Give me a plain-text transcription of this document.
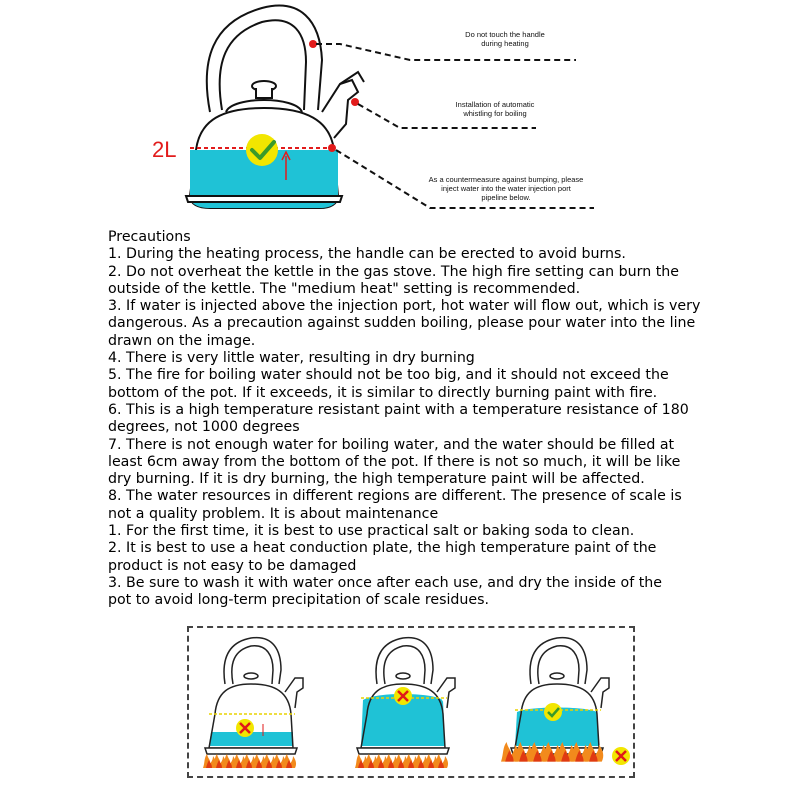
2L
Do not touch the handle
during heating
Installation of automatic
whistling for boiling
As a countermeasure against bumping, please
inject water into the water injection port
pipeline below.
Precautions
1. During the heating process, the handle can be erected to avoid burns.
2. Do not overheat the kettle in the gas stove. The high fire setting can burn the
outside of the kettle. The "medium heat" setting is recommended.
3. If water is injected above the injection port, hot water will flow out, which is very
dangerous. As a precaution against sudden boiling, please pour water into the line
drawn on the image.
4. There is very little water, resulting in dry burning
5. The fire for boiling water should not be too big, and it should not exceed the
bottom of the pot. If it exceeds, it is similar to directly burning paint with fire.
6. This is a high temperature resistant paint with a temperature resistance of 180
degrees, not 1000 degrees
7. There is not enough water for boiling water, and the water should be filled at
least 6cm away from the bottom of the pot. If there is not so much, it will be like
dry burning. If it is dry burning, the high temperature paint will be affected.
8. The water resources in different regions are different. The presence of scale is
not a quality problem. It is about maintenance
1. For the first time, it is best to use practical salt or baking soda to clean.
2. It is best to use a heat conduction plate, the high temperature paint of the
product is not easy to be damaged
3. Be sure to wash it with water once after each use, and dry the inside of the
pot to avoid long-term precipitation of scale residues.
